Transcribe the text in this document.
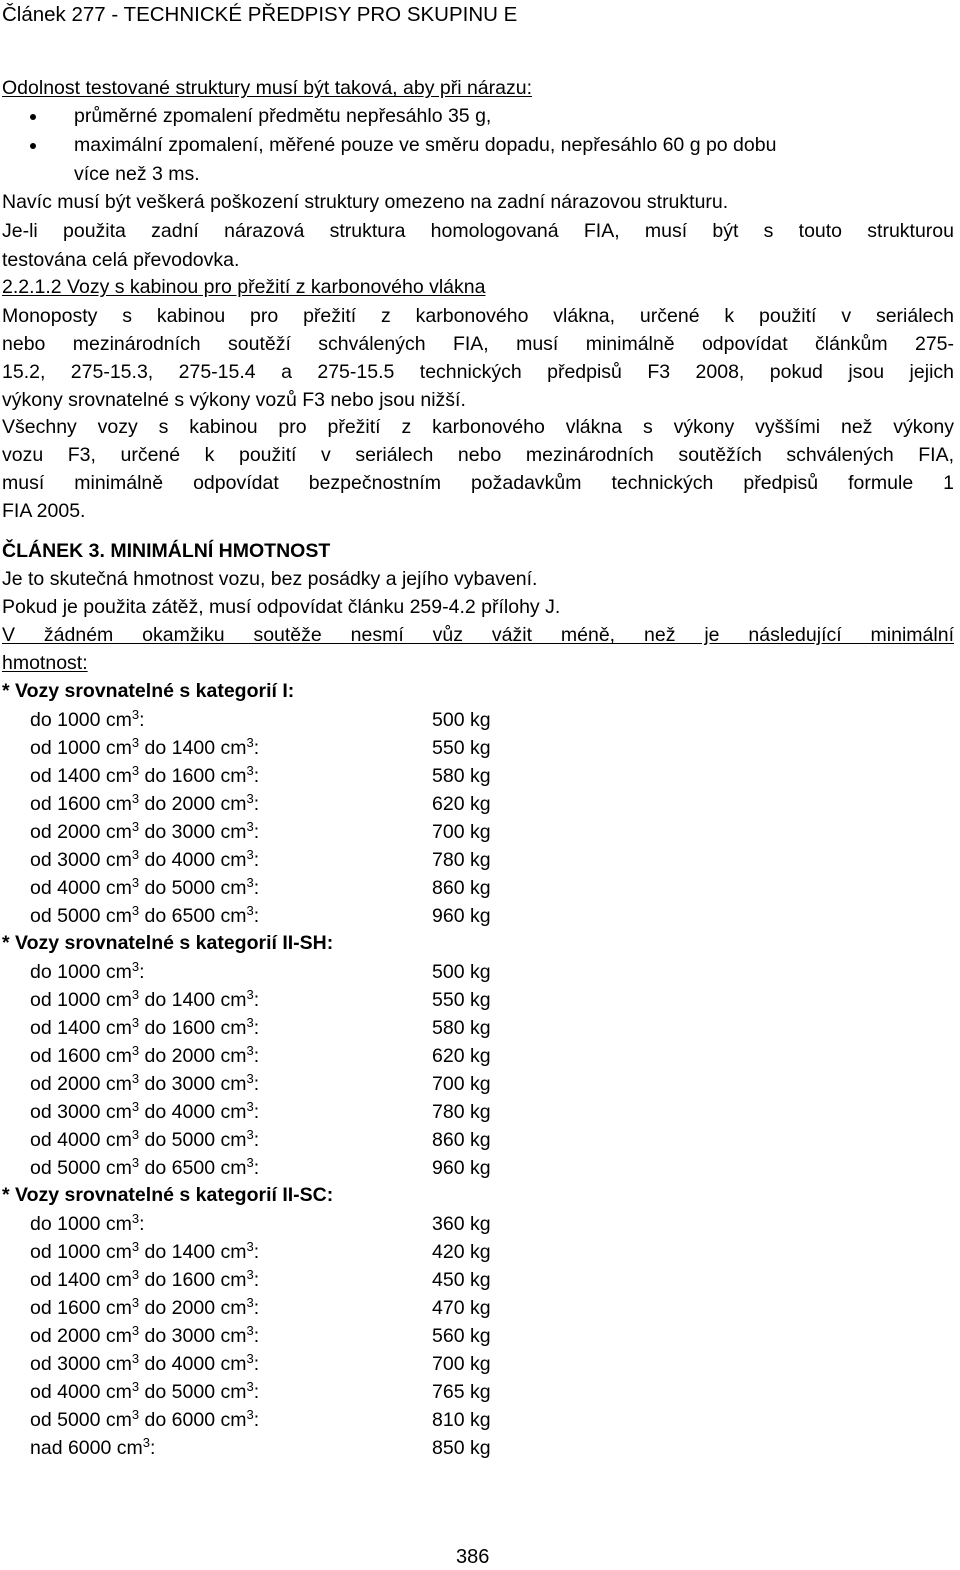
Článek 277 - TECHNICKÉ PŘEDPISY PRO SKUPINU E
Odolnost testované struktury musí být taková, aby při nárazu:
průměrné zpomalení předmětu nepřesáhlo 35 g,
maximální zpomalení, měřené pouze ve směru dopadu, nepřesáhlo 60 g po dobu
více než 3 ms.
Navíc musí být veškerá poškození struktury omezeno na zadní nárazovou strukturu.
Je-li použita zadní nárazová struktura homologovaná FIA, musí být s touto strukturou
testována celá převodovka.
2.2.1.2 Vozy s kabinou pro přežití z karbonového vlákna
Monoposty s kabinou pro přežití z karbonového vlákna, určené k použití v seriálech
nebo mezinárodních soutěží schválených FIA, musí minimálně odpovídat článkům 275-
15.2, 275-15.3, 275-15.4 a 275-15.5 technických předpisů F3 2008, pokud jsou jejich
výkony srovnatelné s výkony vozů F3 nebo jsou nižší.
Všechny vozy s kabinou pro přežití z karbonového vlákna s výkony vyššími než výkony
vozu F3, určené k použití v seriálech nebo mezinárodních soutěžích schválených FIA,
musí minimálně odpovídat bezpečnostním požadavkům technických předpisů formule 1
FIA 2005.
ČLÁNEK 3. MINIMÁLNÍ HMOTNOST
Je to skutečná hmotnost vozu, bez posádky a jejího vybavení.
Pokud je použita zátěž, musí odpovídat článku 259-4.2 přílohy J.
V žádném okamžiku soutěže nesmí vůz vážit méně, než je následující minimální
hmotnost:
* Vozy srovnatelné s kategorií I:
do 1000 $cm^3$:	500 kg
od 1000 $cm^3$ do 1400 $cm^3$:	550 kg
od 1400 $cm^3$ do 1600 $cm^3$:	580 kg
od 1600 $cm^3$ do 2000 $cm^3$:	620 kg
od 2000 $cm^3$ do 3000 $cm^3$:	700 kg
od 3000 $cm^3$ do 4000 $cm^3$:	780 kg
od 4000 $cm^3$ do 5000 $cm^3$:	860 kg
od 5000 $cm^3$ do 6500 $cm^3$:	960 kg
* Vozy srovnatelné s kategorií II-SH:
do 1000 $cm^3$:	500 kg
od 1000 $cm^3$ do 1400 $cm^3$:	550 kg
od 1400 $cm^3$ do 1600 $cm^3$:	580 kg
od 1600 $cm^3$ do 2000 $cm^3$:	620 kg
od 2000 $cm^3$ do 3000 $cm^3$:	700 kg
od 3000 $cm^3$ do 4000 $cm^3$:	780 kg
od 4000 $cm^3$ do 5000 $cm^3$:	860 kg
od 5000 $cm^3$ do 6500 $cm^3$:	960 kg
* Vozy srovnatelné s kategorií II-SC:
do 1000 $cm^3$:	360 kg
od 1000 $cm^3$ do 1400 $cm^3$:	420 kg
od 1400 $cm^3$ do 1600 $cm^3$:	450 kg
od 1600 $cm^3$ do 2000 $cm^3$:	470 kg
od 2000 $cm^3$ do 3000 $cm^3$:	560 kg
od 3000 $cm^3$ do 4000 $cm^3$:	700 kg
od 4000 $cm^3$ do 5000 $cm^3$:	765 kg
od 5000 $cm^3$ do 6000 $cm^3$:	810 kg
nad 6000 $cm^3$:	850 kg
386
